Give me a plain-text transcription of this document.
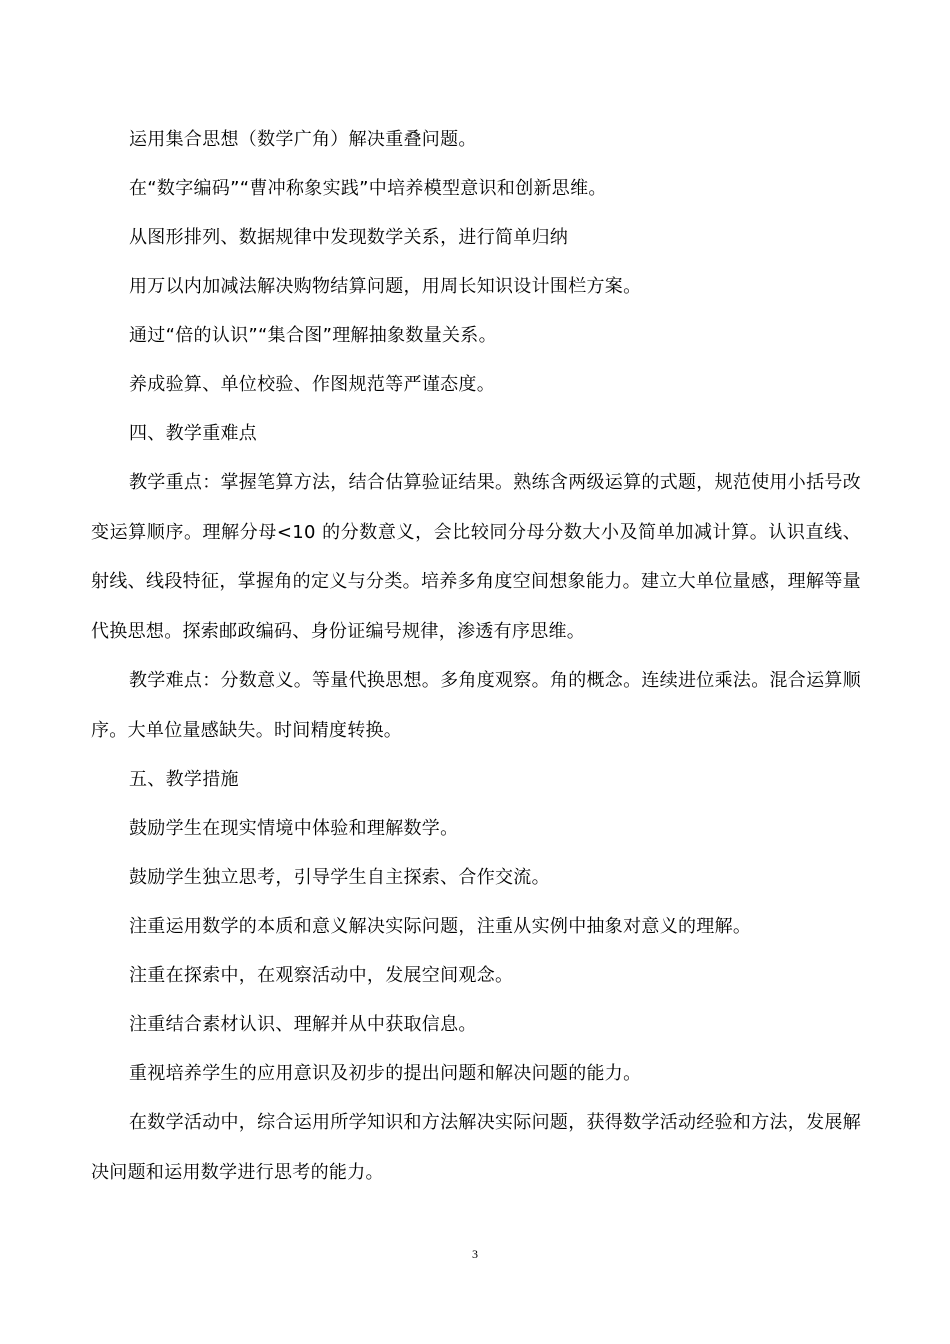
运用集合思想（数学广角）解决重叠问题。

在“数字编码”“曹冲称象实践”中培养模型意识和创新思维。

从图形排列、数据规律中发现数学关系，进行简单归纳

用万以内加减法解决购物结算问题，用周长知识设计围栏方案。

通过“倍的认识”“集合图”理解抽象数量关系。

养成验算、单位校验、作图规范等严谨态度。

四、教学重难点

教学重点：掌握笔算方法，结合估算验证结果。熟练含两级运算的式题，规范使用小括号改变运算顺序。理解分母<10 的分数意义，会比较同分母分数大小及简单加减计算。认识直线、射线、线段特征，掌握角的定义与分类。培养多角度空间想象能力。建立大单位量感，理解等量代换思想。探索邮政编码、身份证编号规律，渗透有序思维。

教学难点：分数意义。等量代换思想。多角度观察。角的概念。连续进位乘法。混合运算顺序。大单位量感缺失。时间精度转换。

五、教学措施

鼓励学生在现实情境中体验和理解数学。

鼓励学生独立思考，引导学生自主探索、合作交流。

注重运用数学的本质和意义解决实际问题，注重从实例中抽象对意义的理解。

注重在探索中，在观察活动中，发展空间观念。

注重结合素材认识、理解并从中获取信息。

重视培养学生的应用意识及初步的提出问题和解决问题的能力。

在数学活动中，综合运用所学知识和方法解决实际问题，获得数学活动经验和方法，发展解决问题和运用数学进行思考的能力。

3
